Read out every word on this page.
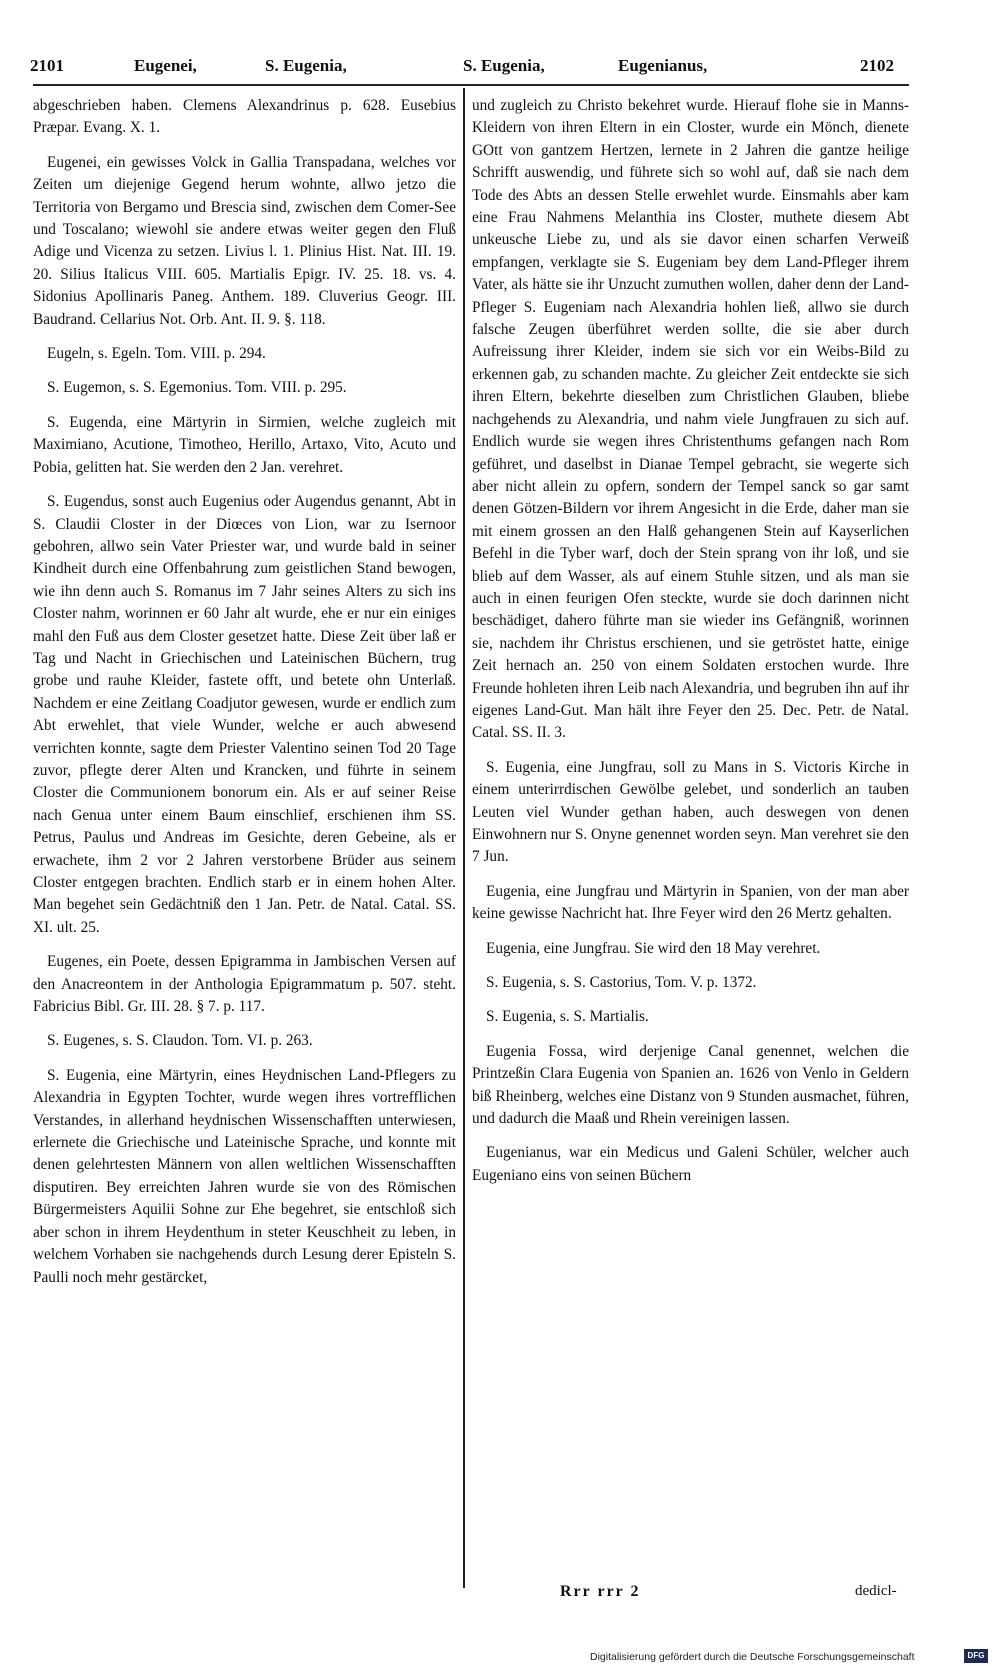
2101	Eugenei,	S. Eugenia,	S. Eugenia,	Eugenianus,	2102

abgeschrieben haben. Clemens Alexandrinus p. 628. Eusebius Præpar. Evang. X. 1.

Eugenei, ein gewisses Volck in Gallia Transpadana, welches vor Zeiten um diejenige Gegend herum wohnte, allwo jetzo die Territoria von Bergamo und Brescia sind, zwischen dem Comer-See und Toscalano; wiewohl sie andere etwas weiter gegen den Fluß Adige und Vicenza zu setzen. Livius l. 1. Plinius Hist. Nat. III. 19. 20. Silius Italicus VIII. 605. Martialis Epigr. IV. 25. 18. vs. 4. Sidonius Apollinaris Paneg. Anthem. 189. Cluverius Geogr. III. Baudrand. Cellarius Not. Orb. Ant. II. 9. §. 118.

Eugeln, s. Egeln. Tom. VIII. p. 294.

S. Eugemon, s. S. Egemonius. Tom. VIII. p. 295.

S. Eugenda, eine Märtyrin in Sirmien, welche zugleich mit Maximiano, Acutione, Timotheo, Herillo, Artaxo, Vito, Acuto und Pobia, gelitten hat. Sie werden den 2 Jan. verehret.

S. Eugendus, sonst auch Eugenius oder Augendus genannt, Abt in S. Claudii Closter in der Diœces von Lion, war zu Isernoor gebohren, allwo sein Vater Priester war, und wurde bald in seiner Kindheit durch eine Offenbahrung zum geistlichen Stand bewogen, wie ihn denn auch S. Romanus im 7 Jahr seines Alters zu sich ins Closter nahm, worinnen er 60 Jahr alt wurde, ehe er nur ein einiges mahl den Fuß aus dem Closter gesetzet hatte. Diese Zeit über laß er Tag und Nacht in Griechischen und Lateinischen Büchern, trug grobe und rauhe Kleider, fastete offt, und betete ohn Unterlaß. Nachdem er eine Zeitlang Coadjutor gewesen, wurde er endlich zum Abt erwehlet, that viele Wunder, welche er auch abwesend verrichten konnte, sagte dem Priester Valentino seinen Tod 20 Tage zuvor, pflegte derer Alten und Krancken, und führte in seinem Closter die Communionem bonorum ein. Als er auf seiner Reise nach Genua unter einem Baum einschlief, erschienen ihm SS. Petrus, Paulus und Andreas im Gesichte, deren Gebeine, als er erwachete, ihm 2 vor 2 Jahren verstorbene Brüder aus seinem Closter entgegen brachten. Endlich starb er in einem hohen Alter. Man begehet sein Gedächtniß den 1 Jan. Petr. de Natal. Catal. SS. XI. ult. 25.

Eugenes, ein Poete, dessen Epigramma in Jambischen Versen auf den Anacreontem in der Anthologia Epigrammatum p. 507. steht. Fabricius Bibl. Gr. III. 28. § 7. p. 117.

S. Eugenes, s. S. Claudon. Tom. VI. p. 263.

S. Eugenia, eine Märtyrin, eines Heydnischen Land-Pflegers zu Alexandria in Egypten Tochter, wurde wegen ihres vortrefflichen Verstandes, in allerhand heydnischen Wissenschafften unterwiesen, erlernete die Griechische und Lateinische Sprache, und konnte mit denen gelehrtesten Männern von allen weltlichen Wissenschafften disputiren. Bey erreichten Jahren wurde sie von des Römischen Bürgermeisters Aquilii Sohne zur Ehe begehret, sie entschloß sich aber schon in ihrem Heydenthum in steter Keuschheit zu leben, in welchem Vorhaben sie nachgehends durch Lesung derer Episteln S. Paulli noch mehr gestärcket,

und zugleich zu Christo bekehret wurde. Hierauf flohe sie in Manns-Kleidern von ihren Eltern in ein Closter, wurde ein Mönch, dienete GOtt von gantzem Hertzen, lernete in 2 Jahren die gantze heilige Schrifft auswendig, und führete sich so wohl auf, daß sie nach dem Tode des Abts an dessen Stelle erwehlet wurde. Einsmahls aber kam eine Frau Nahmens Melanthia ins Closter, muthete diesem Abt unkeusche Liebe zu, und als sie davor einen scharfen Verweiß empfangen, verklagte sie S. Eugeniam bey dem Land-Pfleger ihrem Vater, als hätte sie ihr Unzucht zumuthen wollen, daher denn der Land-Pfleger S. Eugeniam nach Alexandria hohlen ließ, allwo sie durch falsche Zeugen überführet werden sollte, die sie aber durch Aufreissung ihrer Kleider, indem sie sich vor ein Weibs-Bild zu erkennen gab, zu schanden machte. Zu gleicher Zeit entdeckte sie sich ihren Eltern, bekehrte dieselben zum Christlichen Glauben, bliebe nachgehends zu Alexandria, und nahm viele Jungfrauen zu sich auf. Endlich wurde sie wegen ihres Christenthums gefangen nach Rom geführet, und daselbst in Dianae Tempel gebracht, sie wegerte sich aber nicht allein zu opfern, sondern der Tempel sanck so gar samt denen Götzen-Bildern vor ihrem Angesicht in die Erde, daher man sie mit einem grossen an den Halß gehangenen Stein auf Kayserlichen Befehl in die Tyber warf, doch der Stein sprang von ihr loß, und sie blieb auf dem Wasser, als auf einem Stuhle sitzen, und als man sie auch in einen feurigen Ofen steckte, wurde sie doch darinnen nicht beschädiget, dahero führte man sie wieder ins Gefängniß, worinnen sie, nachdem ihr Christus erschienen, und sie getröstet hatte, einige Zeit hernach an. 250 von einem Soldaten erstochen wurde. Ihre Freunde hohleten ihren Leib nach Alexandria, und begruben ihn auf ihr eigenes Land-Gut. Man hält ihre Feyer den 25. Dec. Petr. de Natal. Catal. SS. II. 3.

S. Eugenia, eine Jungfrau, soll zu Mans in S. Victoris Kirche in einem unterirrdischen Gewölbe gelebet, und sonderlich an tauben Leuten viel Wunder gethan haben, auch deswegen von denen Einwohnern nur S. Onyne genennet worden seyn. Man verehret sie den 7 Jun.

Eugenia, eine Jungfrau und Märtyrin in Spanien, von der man aber keine gewisse Nachricht hat. Ihre Feyer wird den 26 Mertz gehalten.

Eugenia, eine Jungfrau. Sie wird den 18 May verehret.

S. Eugenia, s. S. Castorius, Tom. V. p. 1372.

S. Eugenia, s. S. Martialis.

Eugenia Fossa, wird derjenige Canal genennet, welchen die Printzeßin Clara Eugenia von Spanien an. 1626 von Venlo in Geldern biß Rheinberg, welches eine Distanz von 9 Stunden ausmachet, führen, und dadurch die Maaß und Rhein vereinigen lassen.

Eugenianus, war ein Medicus und Galeni Schüler, welcher auch Eugeniano eins von seinen Büchern

Rrr rrr 2	dedicl-
Digitalisierung gefördert durch die Deutsche Forschungsgemeinschaft	DFG
